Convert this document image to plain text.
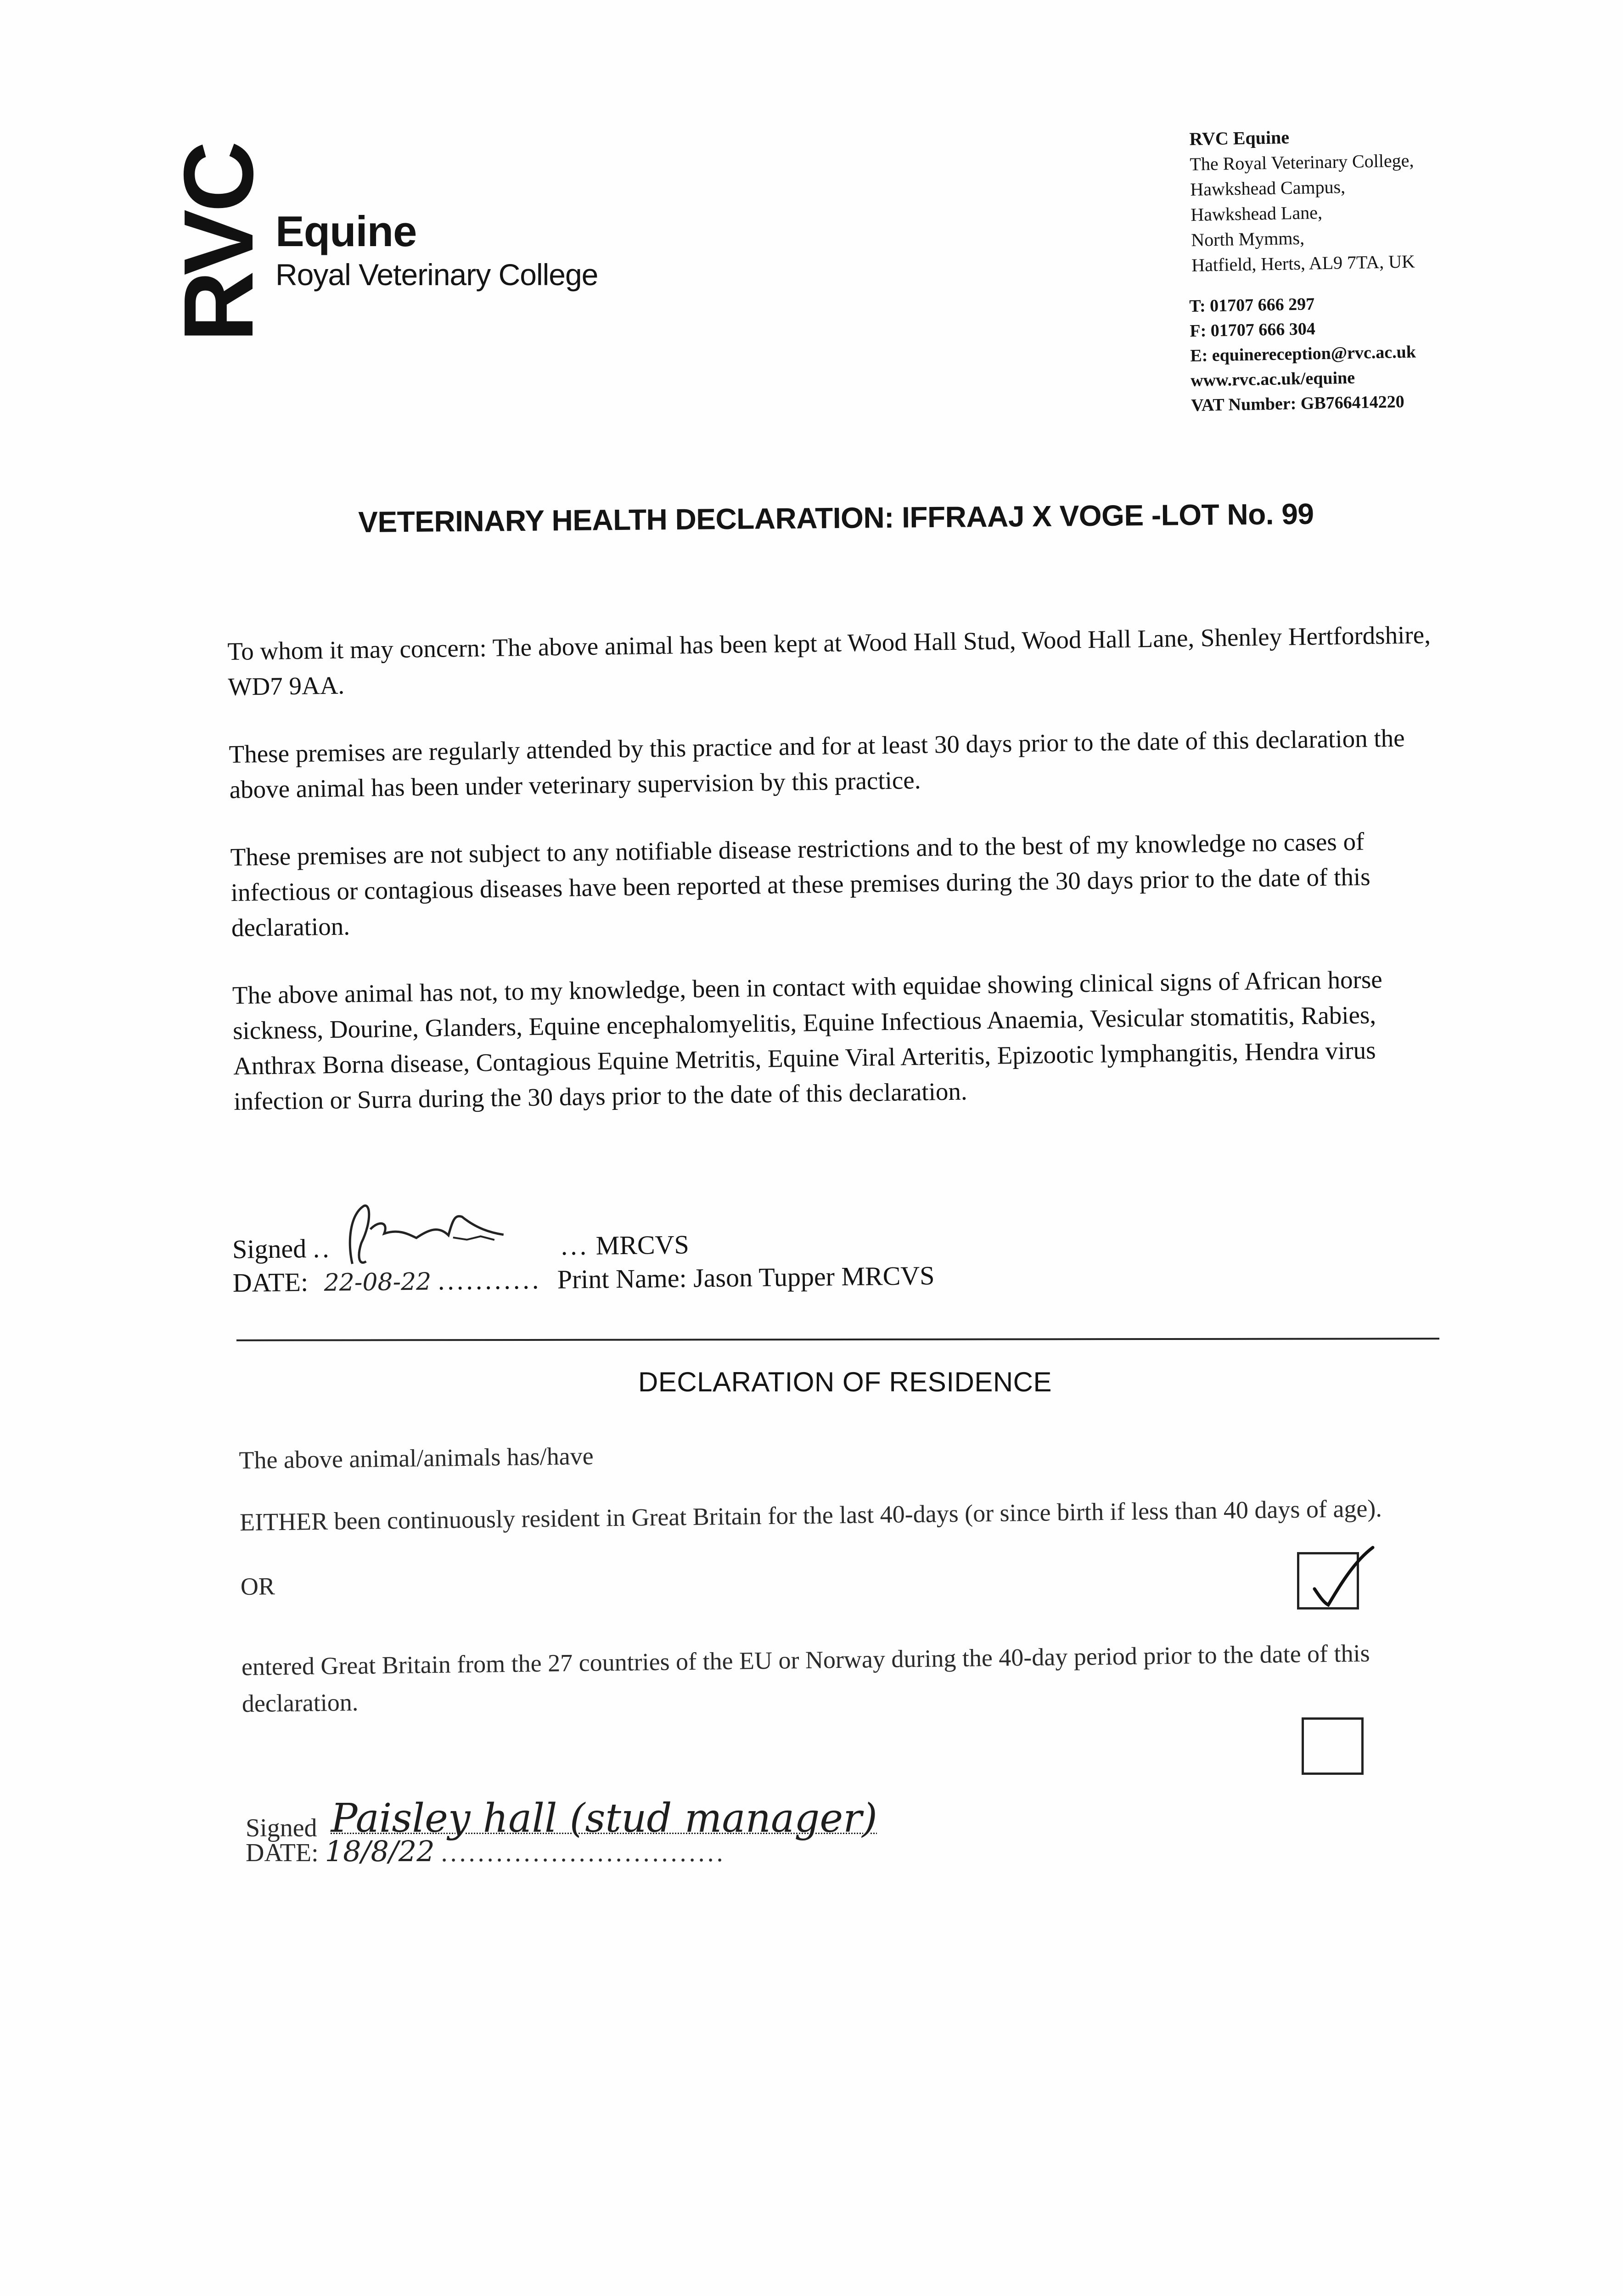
RVC Equine
Royal Veterinary College
RVC Equine
The Royal Veterinary College,
Hawkshead Campus,
Hawkshead Lane,
North Mymms,
Hatfield, Herts, AL9 7TA, UK
T: 01707 666 297
F: 01707 666 304
E: equinereception@rvc.ac.uk
www.rvc.ac.uk/equine
VAT Number: GB766414220
VETERINARY HEALTH DECLARATION: IFFRAAJ X VOGE -LOT No. 99

To whom it may concern: The above animal has been kept at Wood Hall Stud, Wood Hall Lane, Shenley Hertfordshire, WD7 9AA.

These premises are regularly attended by this practice and for at least 30 days prior to the date of this declaration the above animal has been under veterinary supervision by this practice.

These premises are not subject to any notifiable disease restrictions and to the best of my knowledge no cases of infectious or contagious diseases have been reported at these premises during the 30 days prior to the date of this declaration.

The above animal has not, to my knowledge, been in contact with equidae showing clinical signs of African horse sickness, Dourine, Glanders, Equine encephalomyelitis, Equine Infectious Anaemia, Vesicular stomatitis, Rabies, Anthrax Borna disease, Contagious Equine Metritis, Equine Viral Arteritis, Epizootic lymphangitis, Hendra virus infection or Surra during the 30 days prior to the date of this declaration.

Signed ..	... MRCVS
DATE: 22-08-22 ........... Print Name: Jason Tupper MRCVS
DECLARATION OF RESIDENCE

The above animal/animals has/have

EITHER been continuously resident in Great Britain for the last 40-days (or since birth if less than 40 days of age).

OR

entered Great Britain from the 27 countries of the EU or Norway during the 40-day period prior to the date of this declaration.

Signed Paisley hall (stud manager)
DATE: 18/8/22 ...............................
